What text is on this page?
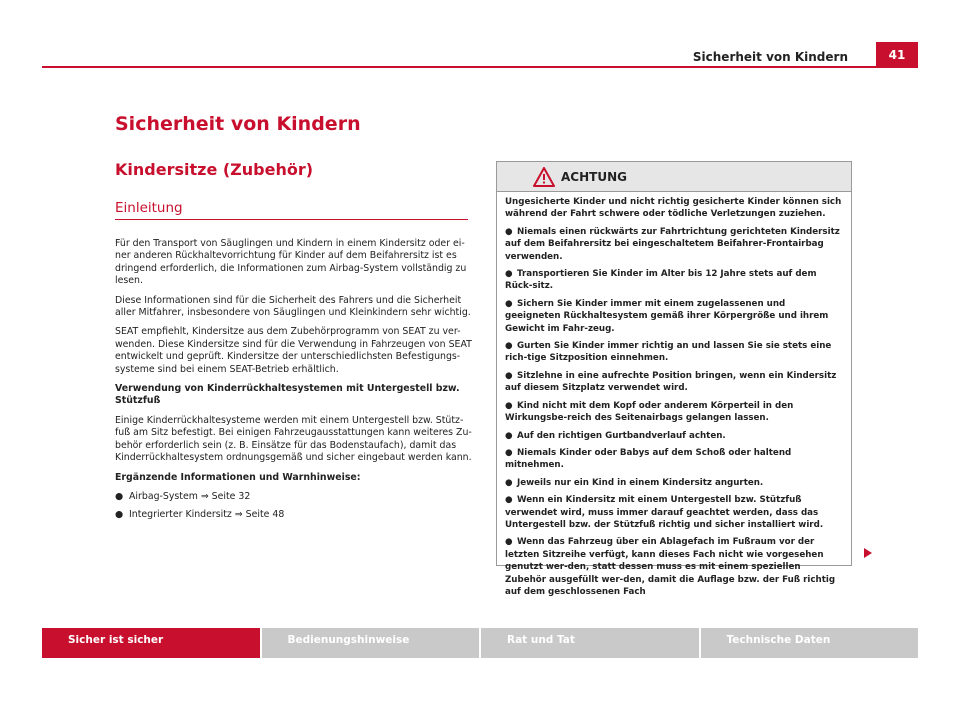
Sicherheit von Kindern	41
Sicherheit von Kindern
Kindersitze (Zubehör)
Einleitung

Für den Transport von Säuglingen und Kindern in einem Kindersitz oder ei-ner anderen Rückhaltevorrichtung für Kinder auf dem Beifahrersitz ist es dringend erforderlich, die Informationen zum Airbag-System vollständig zu lesen.

Diese Informationen sind für die Sicherheit des Fahrers und die Sicherheit aller Mitfahrer, insbesondere von Säuglingen und Kleinkindern sehr wichtig.

SEAT empfiehlt, Kindersitze aus dem Zubehörprogramm von SEAT zu ver-wenden. Diese Kindersitze sind für die Verwendung in Fahrzeugen von SEAT entwickelt und geprüft. Kindersitze der unterschiedlichsten Befestigungs-systeme sind bei einem SEAT-Betrieb erhältlich.

Verwendung von Kinderrückhaltesystemen mit Untergestell bzw. Stützfuß

Einige Kinderrückhaltesysteme werden mit einem Untergestell bzw. Stütz-fuß am Sitz befestigt. Bei einigen Fahrzeugausstattungen kann weiteres Zu-behör erforderlich sein (z. B. Einsätze für das Bodenstaufach), damit das Kinderrückhaltesystem ordnungsgemäß und sicher eingebaut werden kann.

Ergänzende Informationen und Warnhinweise:

● Airbag-System ⇒ Seite 32
● Integrierter Kindersitz ⇒ Seite 48
ACHTUNG

Ungesicherte Kinder und nicht richtig gesicherte Kinder können sich während der Fahrt schwere oder tödliche Verletzungen zuziehen.

● Niemals einen rückwärts zur Fahrtrichtung gerichteten Kindersitz auf dem Beifahrersitz bei eingeschaltetem Beifahrer-Frontairbag verwenden.
● Transportieren Sie Kinder im Alter bis 12 Jahre stets auf dem Rück-sitz.
● Sichern Sie Kinder immer mit einem zugelassenen und geeigneten Rückhaltesystem gemäß ihrer Körpergröße und ihrem Gewicht im Fahr-zeug.
● Gurten Sie Kinder immer richtig an und lassen Sie sie stets eine rich-tige Sitzposition einnehmen.
● Sitzlehne in eine aufrechte Position bringen, wenn ein Kindersitz auf diesem Sitzplatz verwendet wird.
● Kind nicht mit dem Kopf oder anderem Körperteil in den Wirkungsbe-reich des Seitenairbags gelangen lassen.
● Auf den richtigen Gurtbandverlauf achten.
● Niemals Kinder oder Babys auf dem Schoß oder haltend mitnehmen.
● Jeweils nur ein Kind in einem Kindersitz angurten.
● Wenn ein Kindersitz mit einem Untergestell bzw. Stützfuß verwendet wird, muss immer darauf geachtet werden, dass das Untergestell bzw. der Stützfuß richtig und sicher installiert wird.
● Wenn das Fahrzeug über ein Ablagefach im Fußraum vor der letzten Sitzreihe verfügt, kann dieses Fach nicht wie vorgesehen genutzt wer-den, statt dessen muss es mit einem speziellen Zubehör ausgefüllt wer-den, damit die Auflage bzw. der Fuß richtig auf dem geschlossenen Fach
Sicher ist sicher	Bedienungshinweise	Rat und Tat	Technische Daten
